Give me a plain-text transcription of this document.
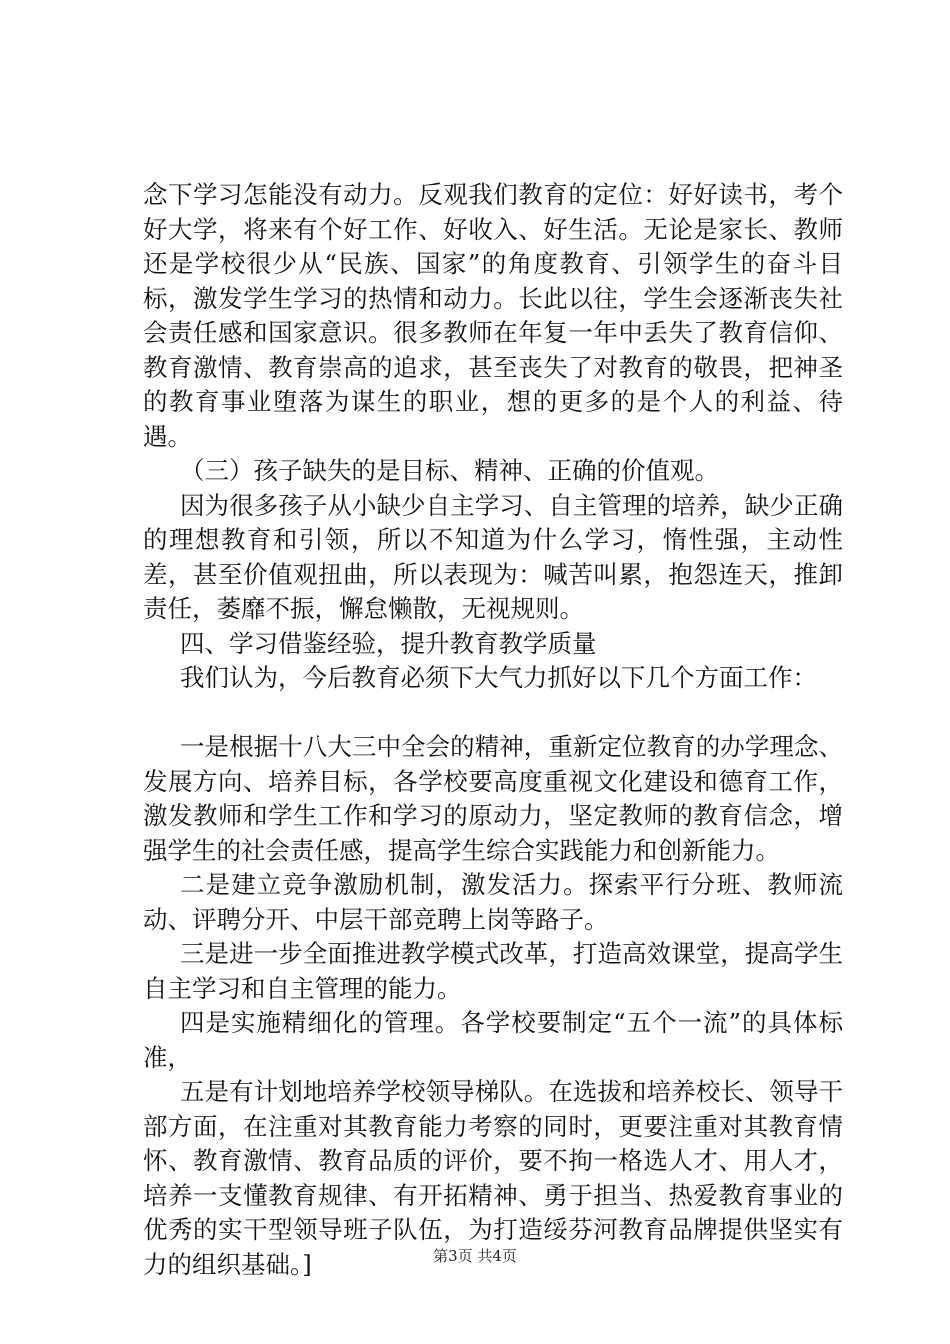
念下学习怎能没有动力。反观我们教育的定位：好好读书，考个好大学，将来有个好工作、好收入、好生活。无论是家长、教师还是学校很少从“民族、国家”的角度教育、引领学生的奋斗目标，激发学生学习的热情和动力。长此以往，学生会逐渐丧失社会责任感和国家意识。很多教师在年复一年中丢失了教育信仰、教育激情、教育崇高的追求，甚至丧失了对教育的敬畏，把神圣的教育事业堕落为谋生的职业，想的更多的是个人的利益、待遇。

（三）孩子缺失的是目标、精神、正确的价值观。

因为很多孩子从小缺少自主学习、自主管理的培养，缺少正确的理想教育和引领，所以不知道为什么学习，惰性强，主动性差，甚至价值观扭曲，所以表现为：喊苦叫累，抱怨连天，推卸责任，萎靡不振，懈怠懒散，无视规则。

四、学习借鉴经验，提升教育教学质量

我们认为，今后教育必须下大气力抓好以下几个方面工作：

一是根据十八大三中全会的精神，重新定位教育的办学理念、发展方向、培养目标，各学校要高度重视文化建设和德育工作，激发教师和学生工作和学习的原动力，坚定教师的教育信念，增强学生的社会责任感，提高学生综合实践能力和创新能力。

二是建立竞争激励机制，激发活力。探索平行分班、教师流动、评聘分开、中层干部竞聘上岗等路子。

三是进一步全面推进教学模式改革，打造高效课堂，提高学生自主学习和自主管理的能力。

四是实施精细化的管理。各学校要制定“五个一流”的具体标准，

五是有计划地培养学校领导梯队。在选拔和培养校长、领导干部方面，在注重对其教育能力考察的同时，更要注重对其教育情怀、教育激情、教育品质的评价，要不拘一格选人才、用人才，培养一支懂教育规律、有开拓精神、勇于担当、热爱教育事业的优秀的实干型领导班子队伍，为打造绥芬河教育品牌提供坚实有力的组织基础。]	第3页 共4页
